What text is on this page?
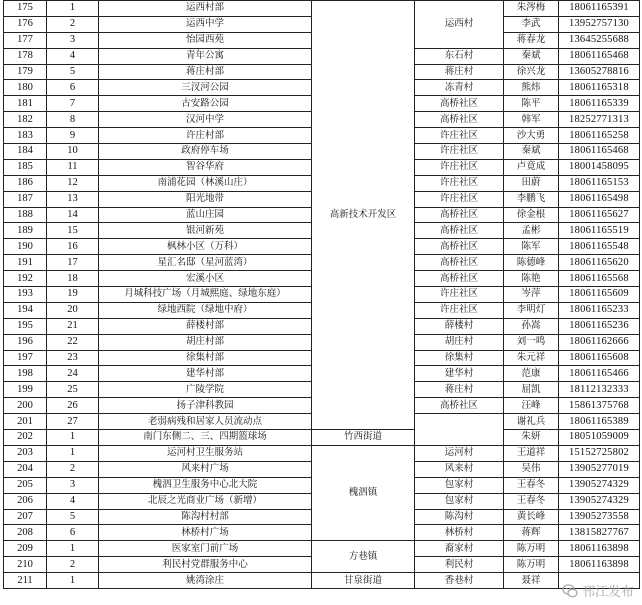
175	1	运西村部	高新技术开发区	运西村	朱涔梅	18061165391
176	2	运西中学			李武	13952757130
177	3	怡园西苑			蒋春龙	13645255688
178	4	青年公寓		东石村	秦斌	18061165468
179	5	蒋庄村部		蒋庄村	徐兴龙	13605278816
180	6	三汊河公园		冻青村	熊炜	18061165318
181	7	古安路公园		高桥社区	陈平	18061165339
182	8	汉河中学		高桥社区	韩军	18252771313
183	9	许庄村部		许庄社区	沙大勇	18061165258
184	10	政府停车场		许庄社区	秦斌	18061165468
185	11	智谷华府		许庄社区	卢竟成	18001458095
186	12	南浦花园（林溪山庄）		许庄社区	田蔚	18061165153
187	13	阳光地带		许庄社区	李鹏飞	18061165498
188	14	蓝山庄园		高桥社区	徐金根	18061165627
189	15	银河新苑		高桥社区	孟彬	18061165519
190	16	枫林小区（万科）		高桥社区	陈军	18061165548
191	17	星汇名邸（星河蓝湾）		高桥社区	陈德峰	18061165620
192	18	宏溪小区		高桥社区	陈艳	18061165568
193	19	月城科技广场（月城熙庭、绿地东庭）		许庄社区	岑萍	18061165609
194	20	绿地西院（绿地中府）		许庄社区	李明灯	18061165233
195	21	薛楼村部		薛楼村	孙嵩	18061165236
196	22	胡庄村部		胡庄村	刘一鸣	18061162666
197	23	徐集村部		徐集村	朱元祥	18061165608
198	24	建华村部		建华村	范康	18061165466
199	25	广陵学院		蒋庄村	屈凯	18112132333
200	26	扬子津科教园		高桥社区	汪峰	15861375768
201	27	老弱病残和居家人员流动点			谢礼兵	18061165389
202	1	南门东侧二、三、四期篮球场	竹西街道		朱妍	18051059009
203	1	运河村卫生服务站	槐泗镇	运河村	王道祥	15152725802
204	2	风来村广场		风来村	吴伟	13905277019
205	3	槐泗卫生服务中心北大院		包家村	王春冬	13905274329
206	4	北辰之光商业广场（新增）		包家村	王春冬	13905274329
207	5	陈沟村村部		陈沟村	黄长峰	13905273558
208	6	林桥村广场		林桥村	蒋辉	13815827767
209	1	医家室门前广场	方巷镇	裔家村	陈万明	18061163898
210	2	利民村党群服务中心		利民村	陈万明	18061163898
211	1	姚湾涂庄	甘泉街道	香巷村	聂祥	
邗江发布
